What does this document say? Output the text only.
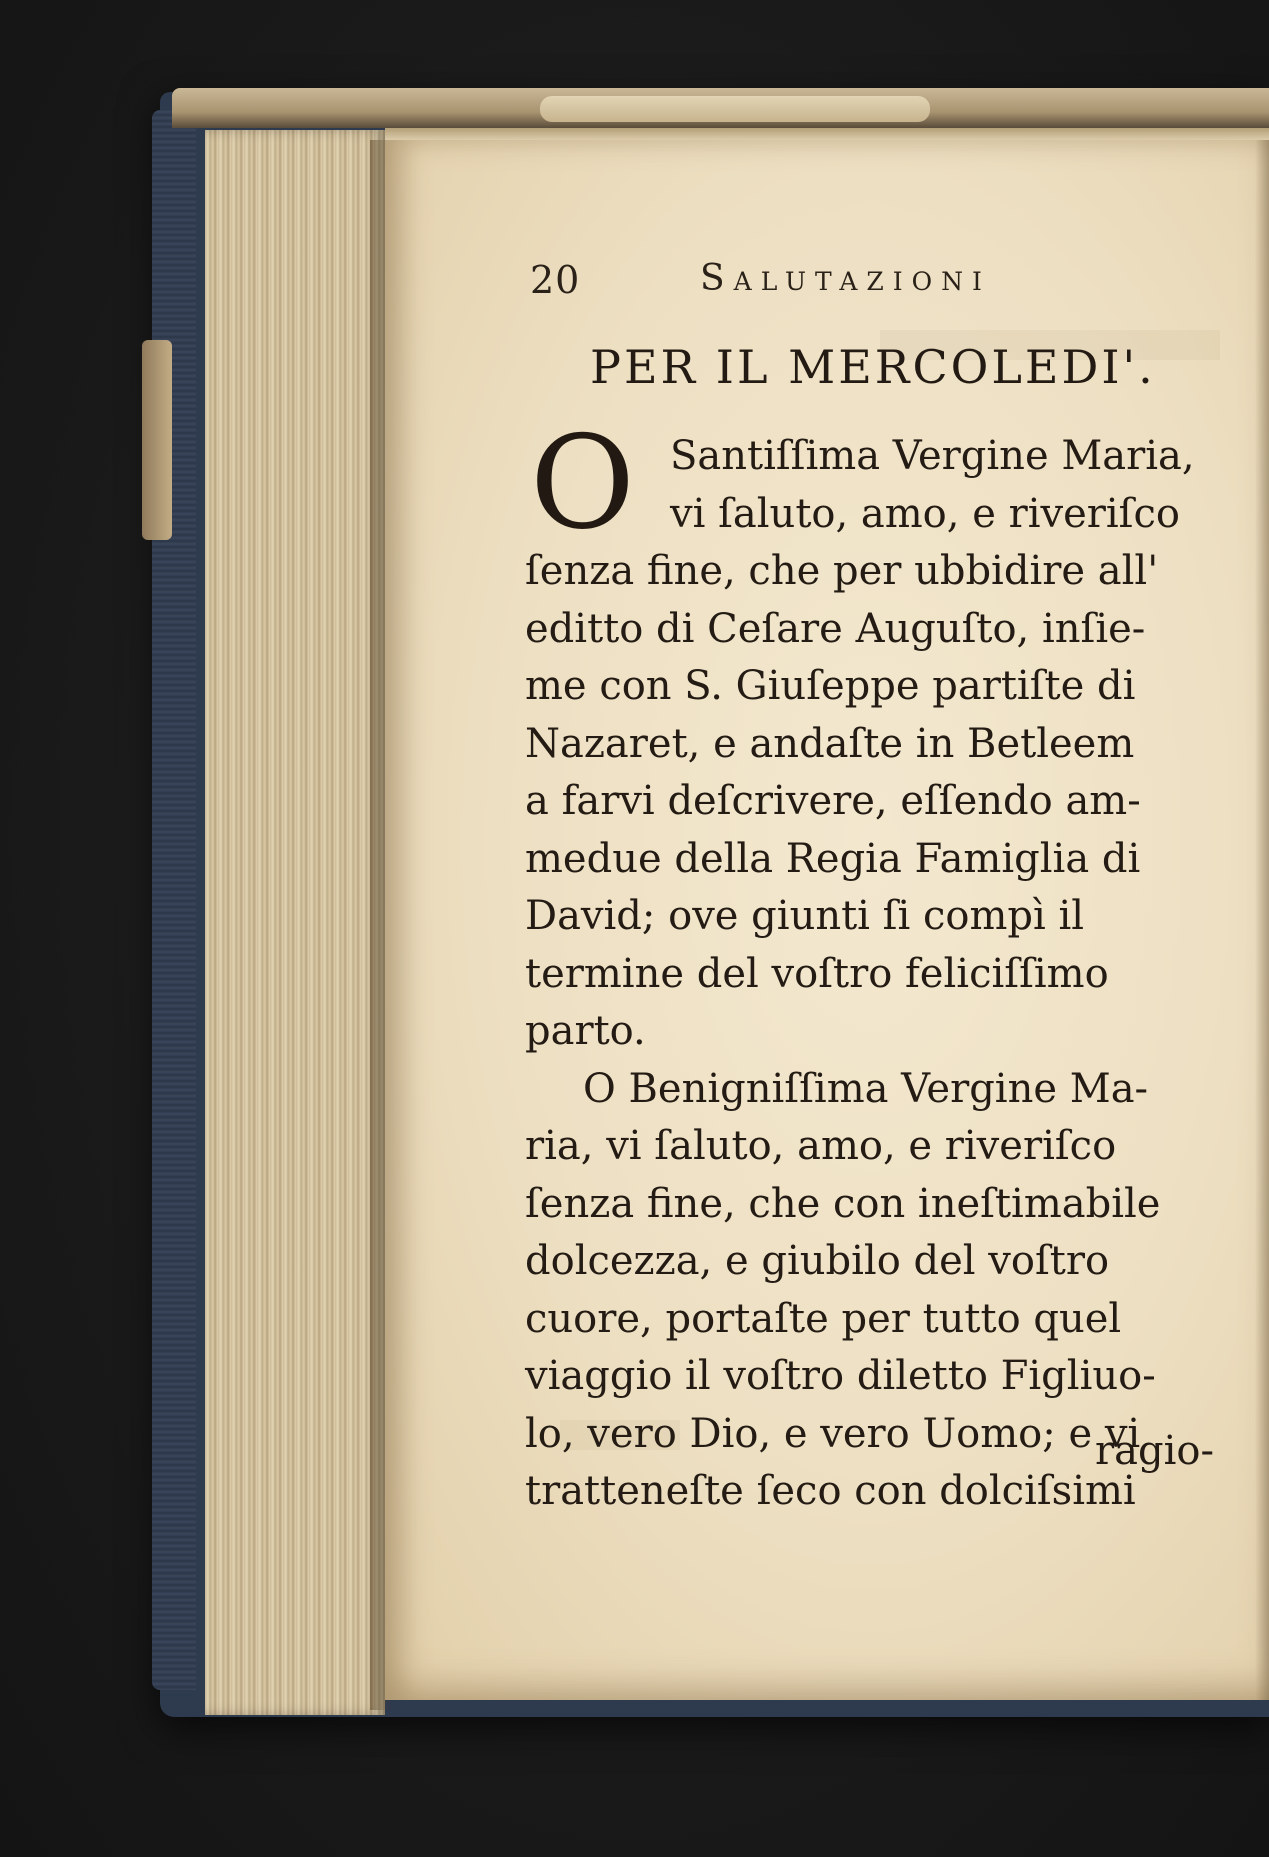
20	Salutazioni
PER IL MERCOLEDI'.
O Santiſſima Vergine Maria,
vi ſaluto, amo, e riveriſco
ſenza fine, che per ubbidire all'
editto di Ceſare Auguſto, inſie-
me con S. Giuſeppe partiſte di
Nazaret, e andaſte in Betleem
a farvi deſcrivere, eſſendo am-
medue della Regia Famiglia di
David; ove giunti ſi compì il
termine del voſtro feliciſſimo
parto.
O Benigniſſima Vergine Ma-
ria, vi ſaluto, amo, e riveriſco
ſenza fine, che con ineſtimabile
dolcezza, e giubilo del voſtro
cuore, portaſte per tutto quel
viaggio il voſtro diletto Figliuo-
lo, vero Dio, e vero Uomo; e vi
tratteneſte ſeco con dolciſsimi
ragio-
